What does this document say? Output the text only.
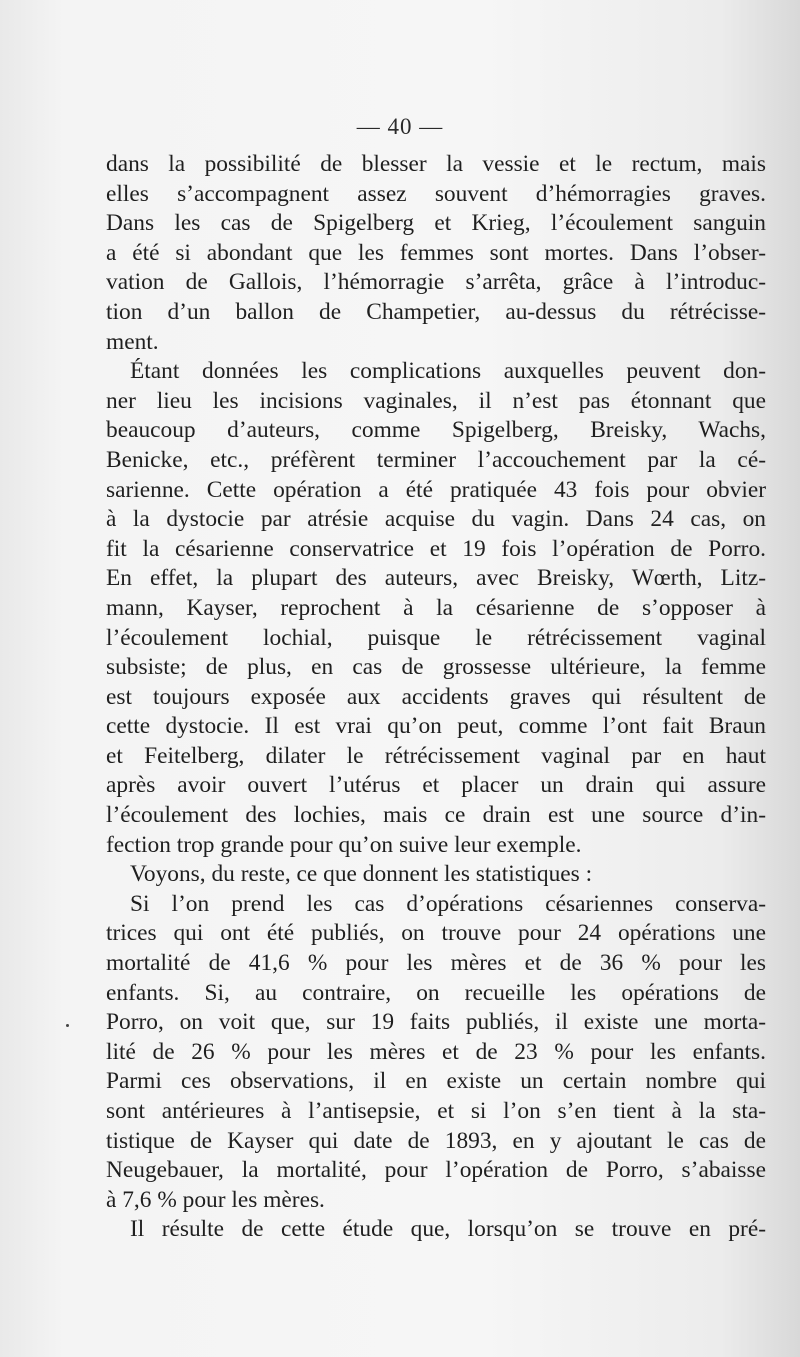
— 40 —
dans la possibilité de blesser la vessie et le rectum, mais
elles s’accompagnent assez souvent d’hémorragies graves.
Dans les cas de Spigelberg et Krieg, l’écoulement sanguin
a été si abondant que les femmes sont mortes. Dans l’obser-
vation de Gallois, l’hémorragie s’arrêta, grâce à l’introduc-
tion d’un ballon de Champetier, au-dessus du rétrécisse-
ment.
Étant données les complications auxquelles peuvent don-
ner lieu les incisions vaginales, il n’est pas étonnant que
beaucoup d’auteurs, comme Spigelberg, Breisky, Wachs,
Benicke, etc., préfèrent terminer l’accouchement par la cé-
sarienne. Cette opération a été pratiquée 43 fois pour obvier
à la dystocie par atrésie acquise du vagin. Dans 24 cas, on
fit la césarienne conservatrice et 19 fois l’opération de Porro.
En effet, la plupart des auteurs, avec Breisky, Wœrth, Litz-
mann, Kayser, reprochent à la césarienne de s’opposer à
l’écoulement lochial, puisque le rétrécissement vaginal
subsiste; de plus, en cas de grossesse ultérieure, la femme
est toujours exposée aux accidents graves qui résultent de
cette dystocie. Il est vrai qu’on peut, comme l’ont fait Braun
et Feitelberg, dilater le rétrécissement vaginal par en haut
après avoir ouvert l’utérus et placer un drain qui assure
l’écoulement des lochies, mais ce drain est une source d’in-
fection trop grande pour qu’on suive leur exemple.
Voyons, du reste, ce que donnent les statistiques :
Si l’on prend les cas d’opérations césariennes conserva-
trices qui ont été publiés, on trouve pour 24 opérations une
mortalité de 41,6 % pour les mères et de 36 % pour les
enfants. Si, au contraire, on recueille les opérations de
Porro, on voit que, sur 19 faits publiés, il existe une morta-
lité de 26 % pour les mères et de 23 % pour les enfants.
Parmi ces observations, il en existe un certain nombre qui
sont antérieures à l’antisepsie, et si l’on s’en tient à la sta-
tistique de Kayser qui date de 1893, en y ajoutant le cas de
Neugebauer, la mortalité, pour l’opération de Porro, s’abaisse
à 7,6 % pour les mères.
Il résulte de cette étude que, lorsqu’on se trouve en pré-
